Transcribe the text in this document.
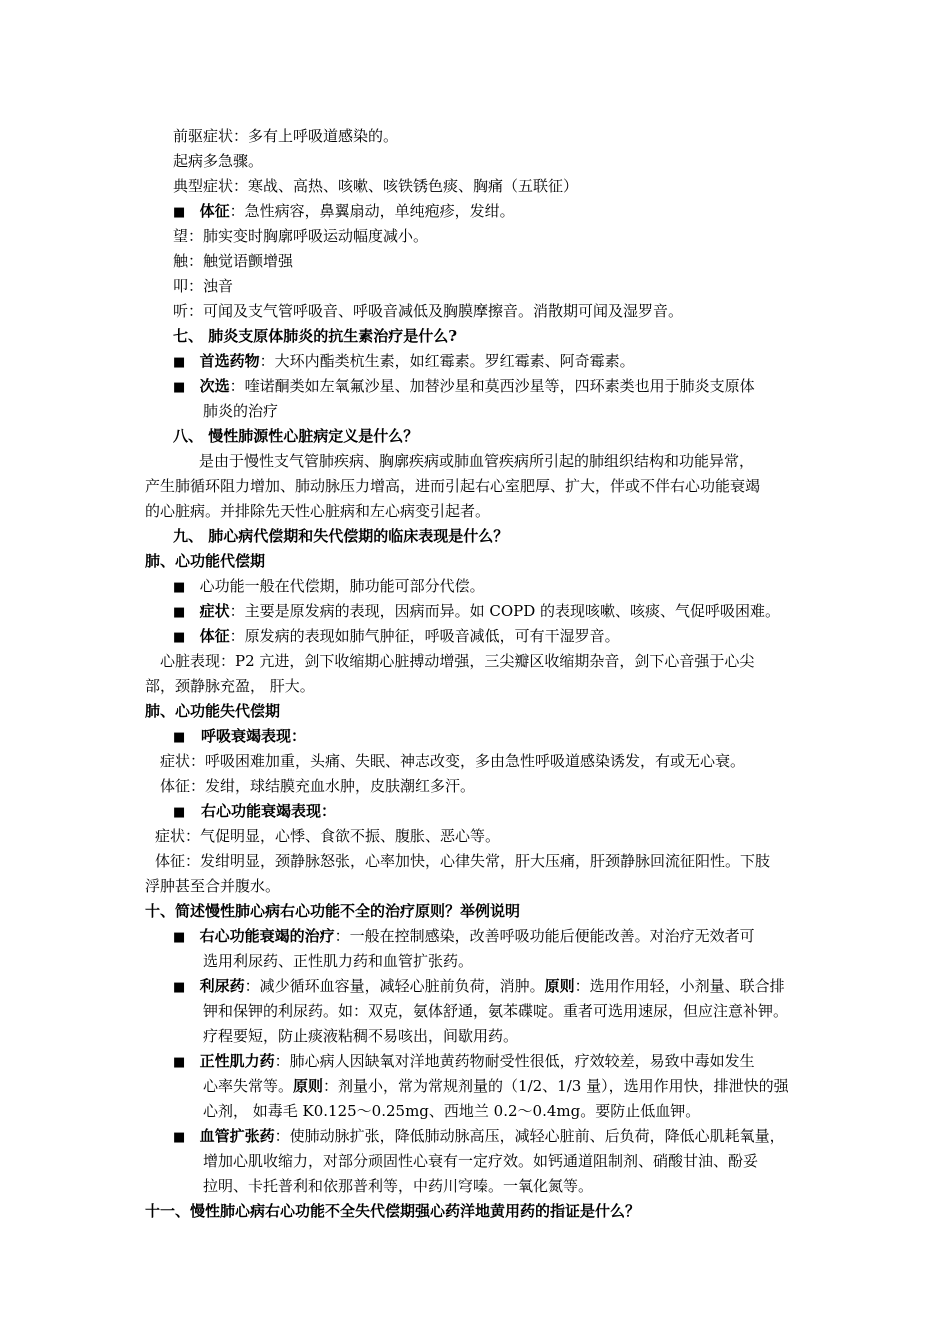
前驱症状：多有上呼吸道感染的。
起病多急骤。
典型症状：寒战、高热、咳嗽、咳铁锈色痰、胸痛（五联征）
■ 体征：急性病容，鼻翼扇动，单纯疱疹，发绀。
望：肺实变时胸廓呼吸运动幅度减小。
触：触觉语颤增强
叩：浊音
听：可闻及支气管呼吸音、呼吸音减低及胸膜摩擦音。消散期可闻及湿罗音。
七、 肺炎支原体肺炎的抗生素治疗是什么?
■ 首选药物：大环内酯类杭生素，如红霉素。罗红霉素、阿奇霉素。
■ 次选：喹诺酮类如左氧氟沙星、加替沙星和莫西沙星等，四环素类也用于肺炎支原体
肺炎的治疗
八、 慢性肺源性心脏病定义是什么？
是由于慢性支气管肺疾病、胸廓疾病或肺血管疾病所引起的肺组织结构和功能异常，
产生肺循环阻力增加、肺动脉压力增高，进而引起右心室肥厚、扩大，伴或不伴右心功能衰竭
的心脏病。并排除先天性心脏病和左心病变引起者。
九、 肺心病代偿期和失代偿期的临床表现是什么？
肺、心功能代偿期
■ 心功能一般在代偿期，肺功能可部分代偿。
■ 症状：主要是原发病的表现，因病而异。如 COPD 的表现咳嗽、咳痰、气促呼吸困难。
■ 体征：原发病的表现如肺气肿征，呼吸音减低，可有干湿罗音。
心脏表现：P2 亢进，剑下收缩期心脏搏动增强，三尖瓣区收缩期杂音，剑下心音强于心尖
部，颈静脉充盈， 肝大。
肺、心功能失代偿期
■ 呼吸衰竭表现：
症状：呼吸困难加重，头痛、失眠、神志改变，多由急性呼吸道感染诱发，有或无心衰。
体征：发绀，球结膜充血水肿，皮肤潮红多汗。
■ 右心功能衰竭表现：
症状：气促明显，心悸、食欲不振、腹胀、恶心等。
体征：发绀明显，颈静脉怒张，心率加快，心律失常，肝大压痛，肝颈静脉回流征阳性。下肢
浮肿甚至合并腹水。
十、简述慢性肺心病右心功能不全的治疗原则？举例说明
■ 右心功能衰竭的治疗：一般在控制感染，改善呼吸功能后便能改善。对治疗无效者可
选用利尿药、正性肌力药和血管扩张药。
■ 利尿药：减少循环血容量，减轻心脏前负荷，消肿。原则：选用作用轻，小剂量、联合排
钾和保钾的利尿药。如：双克，氨体舒通，氨苯碟啶。重者可选用速尿，但应注意补钾。
疗程要短，防止痰液粘稠不易咳出，间歇用药。
■ 正性肌力药：肺心病人因缺氧对洋地黄药物耐受性很低，疗效较差，易致中毒如发生
心率失常等。原则：剂量小，常为常规剂量的（1/2、1/3 量），选用作用快，排泄快的强
心剂， 如毒毛 K0.125～0.25mg、西地兰 0.2～0.4mg。要防止低血钾。
■ 血管扩张药：使肺动脉扩张，降低肺动脉高压，减轻心脏前、后负荷，降低心肌耗氧量，
增加心肌收缩力，对部分顽固性心衰有一定疗效。如钙通道阻制剂、硝酸甘油、酚妥
拉明、卡托普利和依那普利等，中药川穹嗪。一氧化氮等。
十一、慢性肺心病右心功能不全失代偿期强心药洋地黄用药的指证是什么？
